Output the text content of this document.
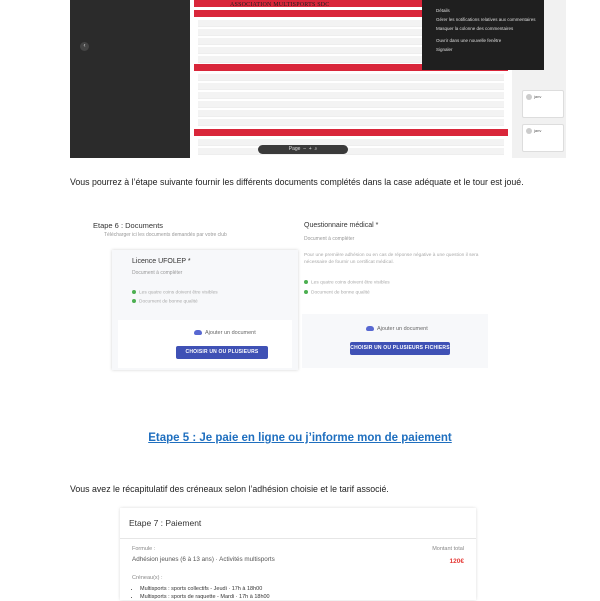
‹
ASSOCIATION MULTISPORTS SDC
Détails
Gérer les notifications relatives aux commentaires
Masquer la colonne des commentaires
Ouvrir dans une nouvelle fenêtre
Signaler
janv
janv
Page  –  +  ⌕

Vous pourrez à l’étape suivante fournir les différents documents complétés dans la case adéquate et le tour est joué.

Etape 6 : Documents
Télécharger ici les documents demandés par votre club
Licence UFOLEP *
Document à compléter
Les quatre coins doivent être visibles
Document de bonne qualité
Ajouter un document
CHOISIR UN OU PLUSIEURS FICHIERS
Questionnaire médical *
Document à compléter
Pour une première adhésion ou en cas de réponse négative à une question il sera nécessaire de fournir un certificat médical.
Les quatre coins doivent être visibles
Document de bonne qualité
Ajouter un document
CHOISIR UN OU PLUSIEURS FICHIERS
Etape 5 : Je paie en ligne ou j’informe mon de paiement

Vous avez le récapitulatif des créneaux selon l’adhésion choisie et le tarif associé.

Etape 7 : Paiement
Formule :
Adhésion jeunes (6 à 13 ans) · Activités multisports
Montant total
120€
Créneau(x) :
• Multisports : sports collectifs - Jeudi · 17h à 18h00
• Multisports : sports de raquette - Mardi · 17h à 18h00
